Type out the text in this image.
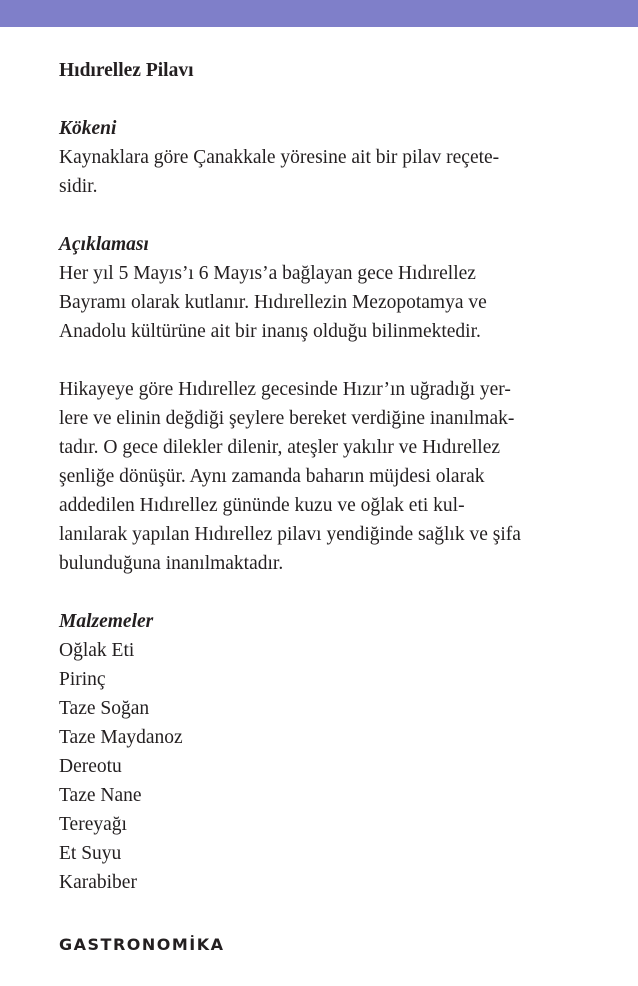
Hıdırellez Pilavı
Kökeni
Kaynaklara göre Çanakkale yöresine ait bir pilav reçete-
sidir.
Açıklaması
Her yıl 5 Mayıs’ı 6 Mayıs’a bağlayan gece Hıdırellez
Bayramı olarak kutlanır. Hıdırellezin Mezopotamya ve
Anadolu kültürüne ait bir inanış olduğu bilinmektedir.
Hikayeye göre Hıdırellez gecesinde Hızır’ın uğradığı yer-
lere ve elinin değdiği şeylere bereket verdiğine inanılmak-
tadır. O gece dilekler dilenir, ateşler yakılır ve Hıdırellez
şenliğe dönüşür. Aynı zamanda baharın müjdesi olarak
addedilen Hıdırellez gününde kuzu ve oğlak eti kul-
lanılarak yapılan Hıdırellez pilavı yendiğinde sağlık ve şifa
bulunduğuna inanılmaktadır.
Malzemeler
Oğlak Eti
Pirinç
Taze Soğan
Taze Maydanoz
Dereotu
Taze Nane
Tereyağı
Et Suyu
Karabiber
GASTRONOMİKA
